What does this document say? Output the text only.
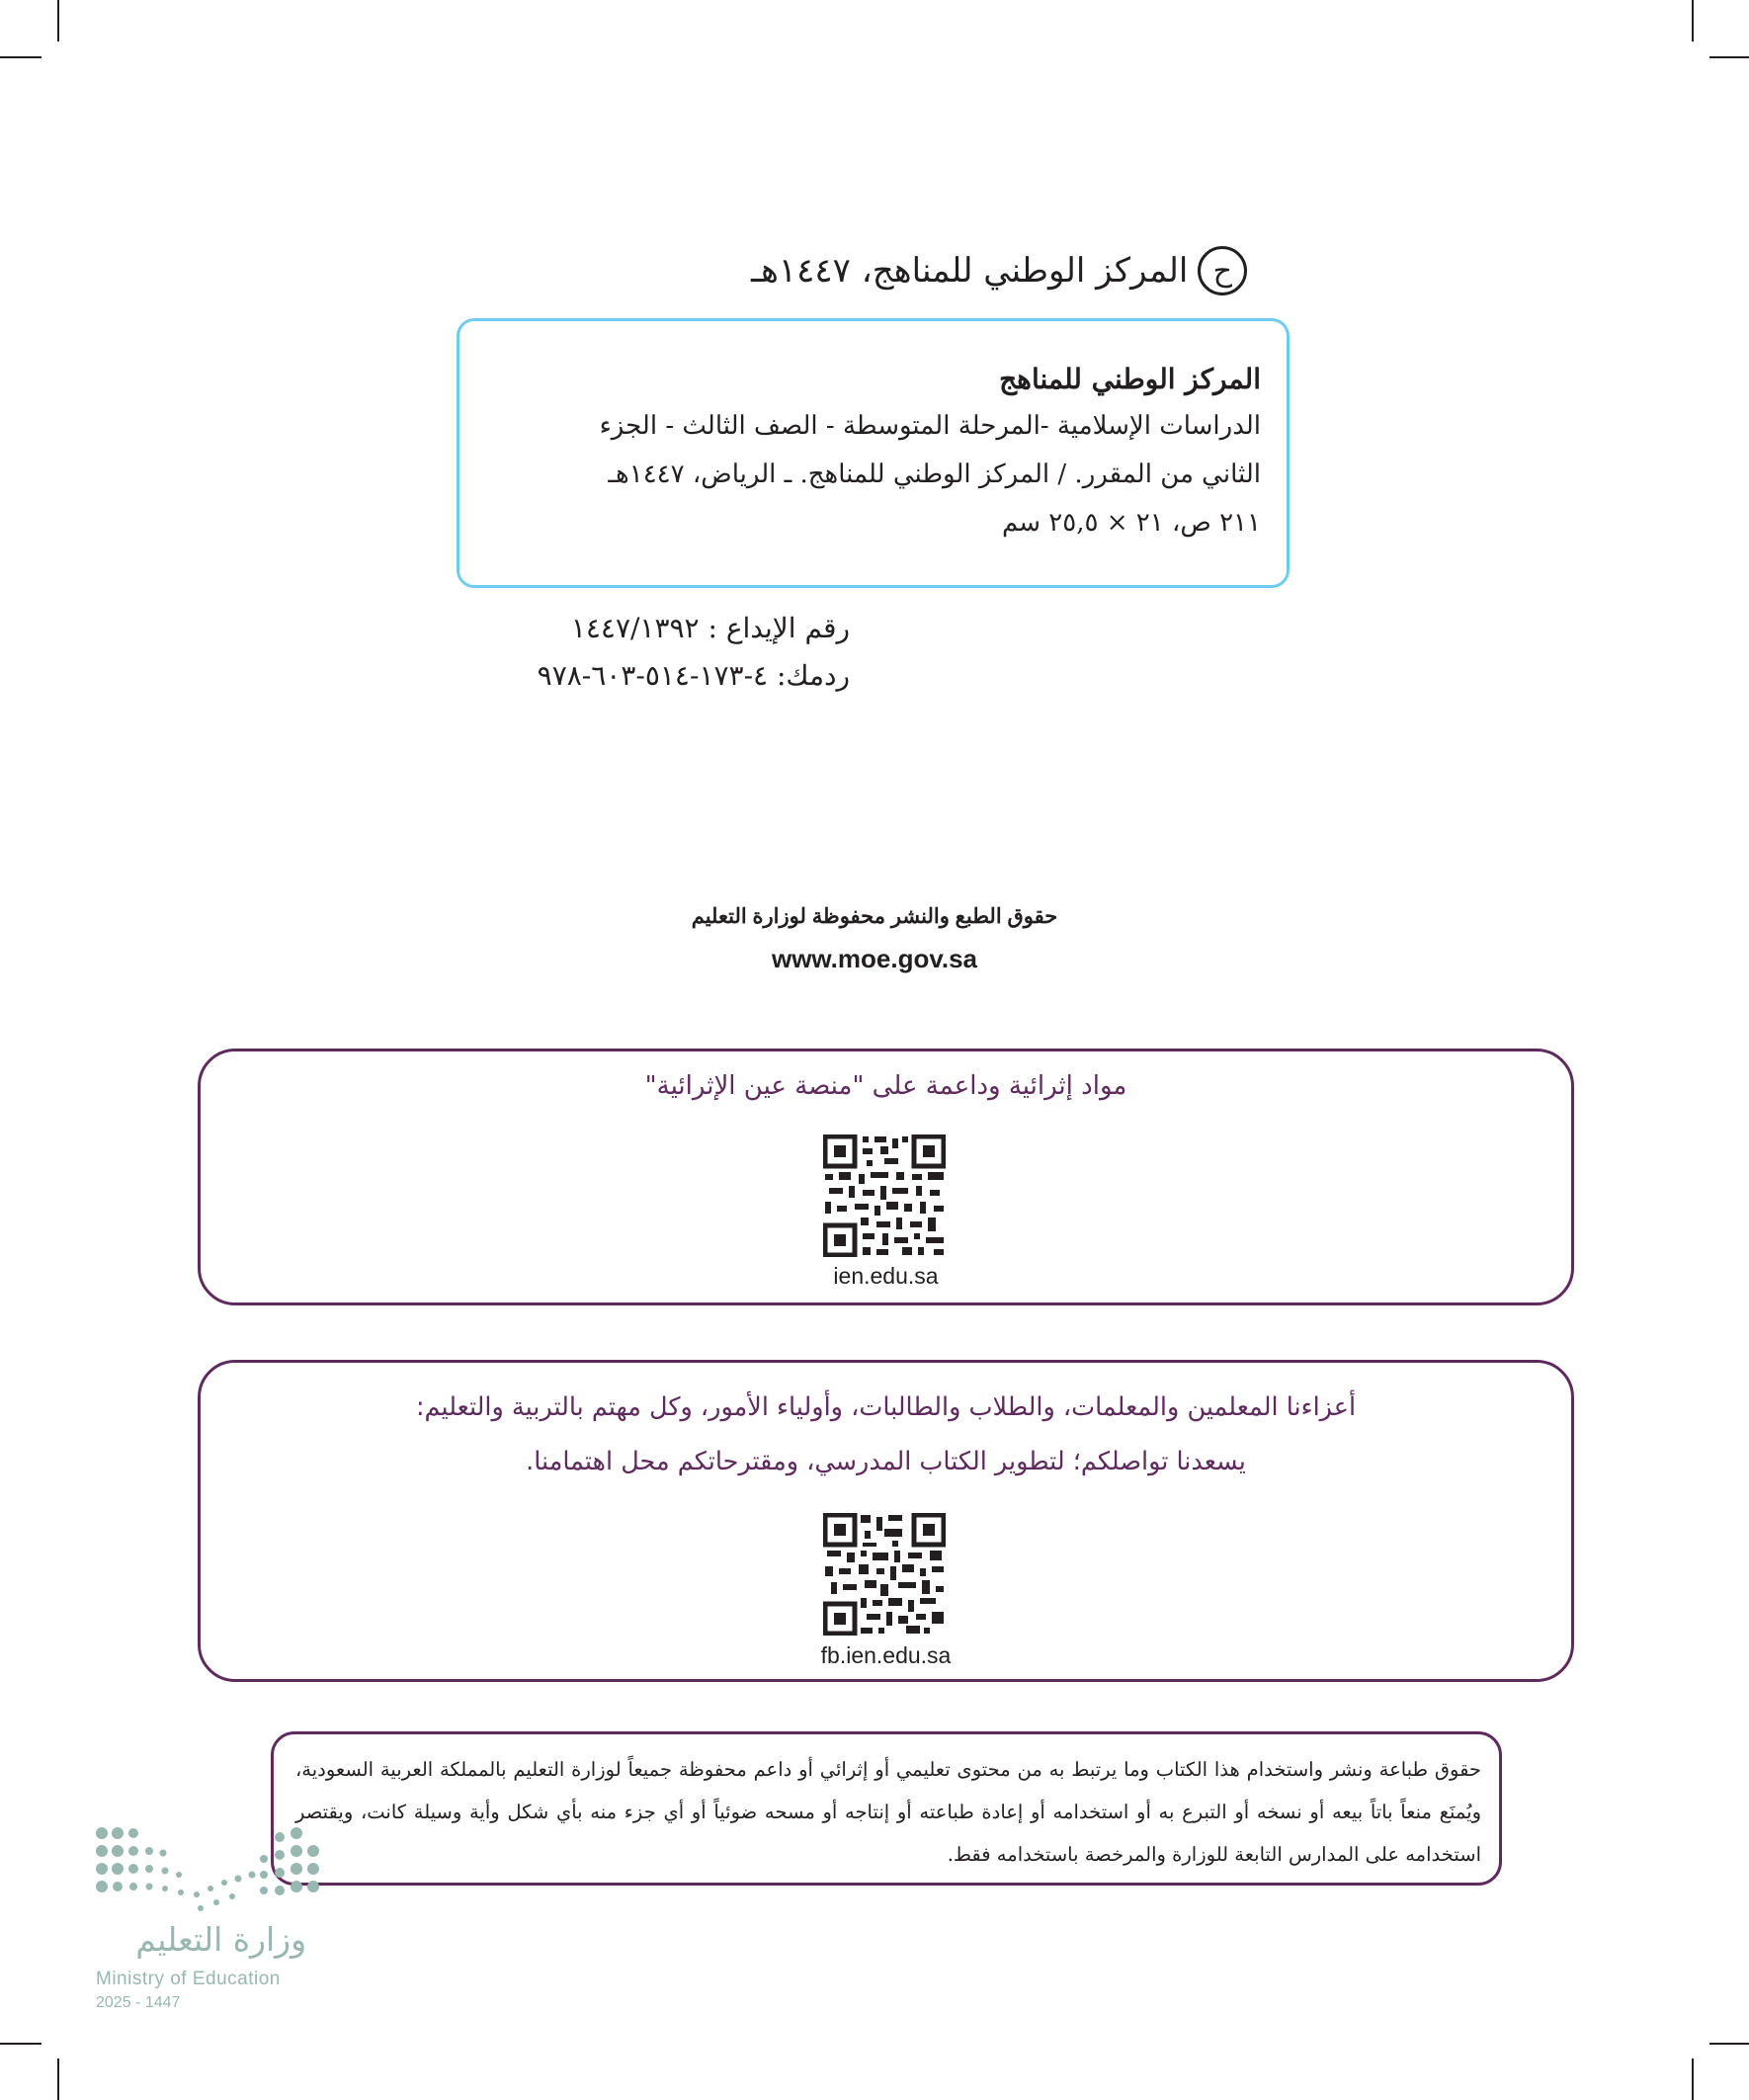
ح
المركز الوطني للمناهج، ١٤٤٧هـ
المركز الوطني للمناهج
الدراسات الإسلامية -المرحلة المتوسطة - الصف الثالث - الجزء
الثاني من المقرر. / المركز الوطني للمناهج. ـ الرياض، ١٤٤٧هـ
٢١١ ص، ٢١ × ٢٥,٥ سم
رقم الإيداع : ١٤٤٧/١٣٩٢
ردمك: ٤-١٧٣-٥١٤-٦٠٣-٩٧٨
حقوق الطبع والنشر محفوظة لوزارة التعليم
www.moe.gov.sa
مواد إثرائية وداعمة على "منصة عين الإثرائية"
ien.edu.sa
أعزاءنا المعلمين والمعلمات، والطلاب والطالبات، وأولياء الأمور، وكل مهتم بالتربية والتعليم:
يسعدنا تواصلكم؛ لتطوير الكتاب المدرسي، ومقترحاتكم محل اهتمامنا.
fb.ien.edu.sa
حقوق طباعة ونشر واستخدام هذا الكتاب وما يرتبط به من محتوى تعليمي أو إثرائي أو داعم محفوظة جميعاً لوزارة التعليم بالمملكة العربية السعودية، ويُمنَع منعاً باتاً بيعه أو نسخه أو التبرع به أو استخدامه أو إعادة طباعته أو إنتاجه أو مسحه ضوئياً أو أي جزء منه بأي شكل وأية وسيلة كانت، ويقتصر استخدامه على المدارس التابعة للوزارة والمرخصة باستخدامه فقط.
وزارة التعليم
Ministry of Education
2025 - 1447
